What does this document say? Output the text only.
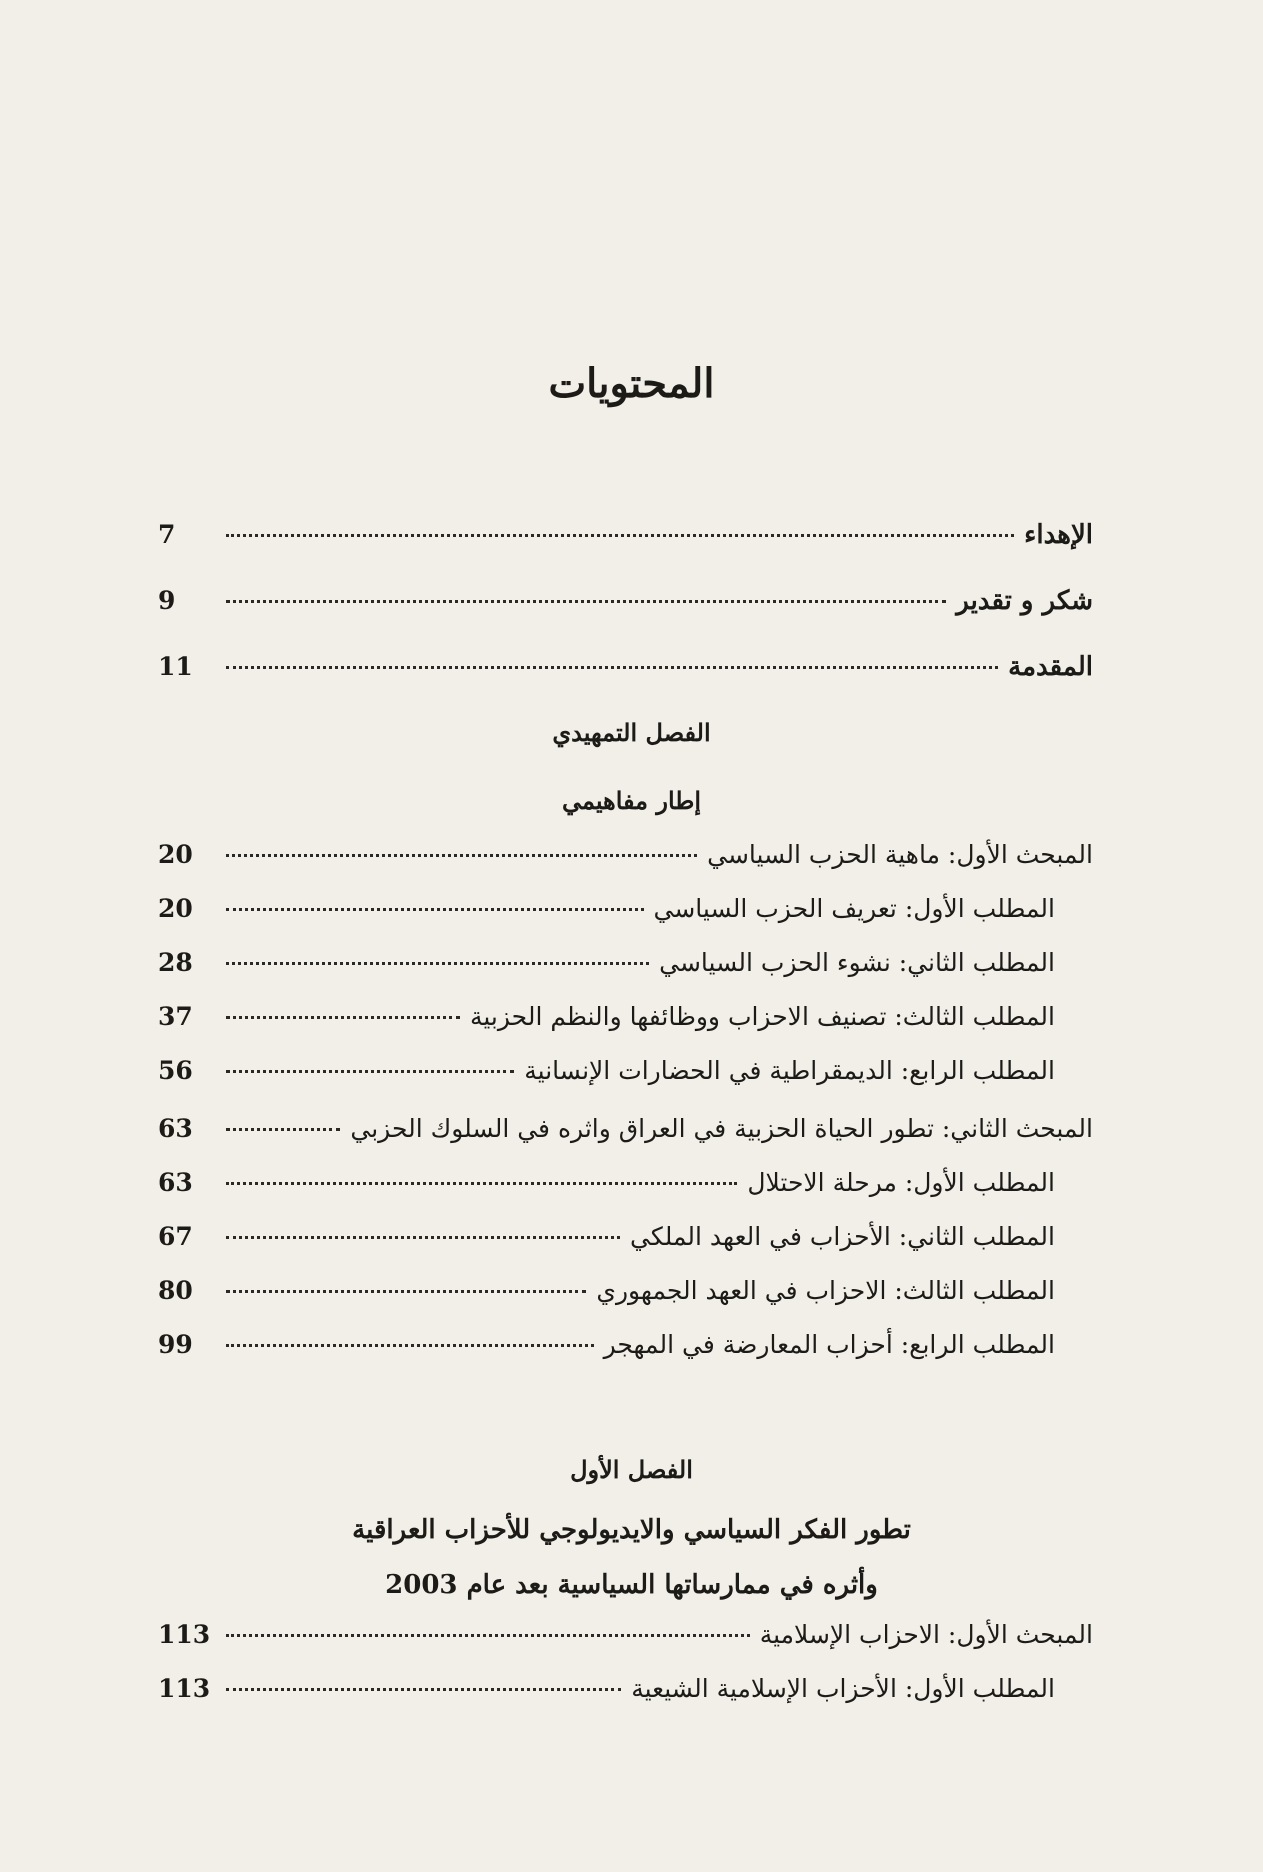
المحتويات
الإهداء
7
شكر و تقدير
9
المقدمة
11
الفصل التمهيدي
إطار مفاهيمي
المبحث الأول: ماهية الحزب السياسي
20
المطلب الأول: تعريف الحزب السياسي
20
المطلب الثاني: نشوء الحزب السياسي
28
المطلب الثالث: تصنيف الاحزاب ووظائفها والنظم الحزبية
37
المطلب الرابع: الديمقراطية في الحضارات الإنسانية
56
المبحث الثاني: تطور الحياة الحزبية في العراق واثره في السلوك الحزبي
63
المطلب الأول: مرحلة الاحتلال
63
المطلب الثاني: الأحزاب في العهد الملكي
67
المطلب الثالث: الاحزاب في العهد الجمهوري
80
المطلب الرابع: أحزاب المعارضة في المهجر
99
الفصل الأول
تطور الفكر السياسي والايديولوجي للأحزاب العراقية
وأثره في ممارساتها السياسية بعد عام 2003
المبحث الأول: الاحزاب الإسلامية
113
المطلب الأول: الأحزاب الإسلامية الشيعية
113
